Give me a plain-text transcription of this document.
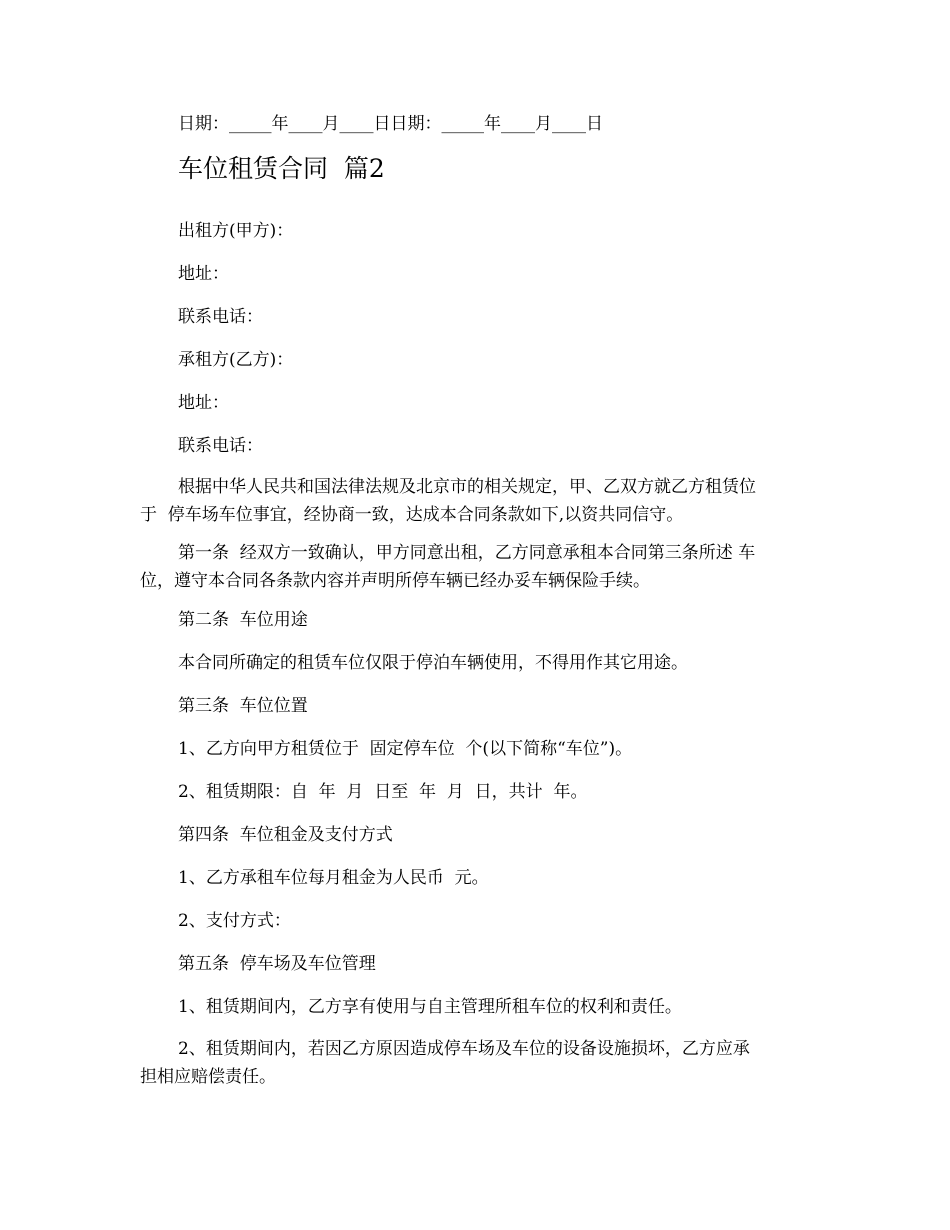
日期：_____年____月____日日期：_____年____月____日
车位租赁合同  篇2
出租方(甲方)：
地址：
联系电话：
承租方(乙方)：
地址：
联系电话：
根据中华人民共和国法律法规及北京市的相关规定，甲、乙双方就乙方租赁位
于  停车场车位事宜，经协商一致，达成本合同条款如下,以资共同信守。
第一条  经双方一致确认，甲方同意出租，乙方同意承租本合同第三条所述 车
位，遵守本合同各条款内容并声明所停车辆已经办妥车辆保险手续。
第二条  车位用途
本合同所确定的租赁车位仅限于停泊车辆使用，不得用作其它用途。
第三条  车位位置
1、乙方向甲方租赁位于  固定停车位  个(以下简称“车位”)。
2、租赁期限：自  年  月  日至  年  月  日，共计  年。
第四条  车位租金及支付方式
1、乙方承租车位每月租金为人民币  元。
2、支付方式：
第五条  停车场及车位管理
1、租赁期间内，乙方享有使用与自主管理所租车位的权利和责任。
2、租赁期间内，若因乙方原因造成停车场及车位的设备设施损坏，乙方应承
担相应赔偿责任。
